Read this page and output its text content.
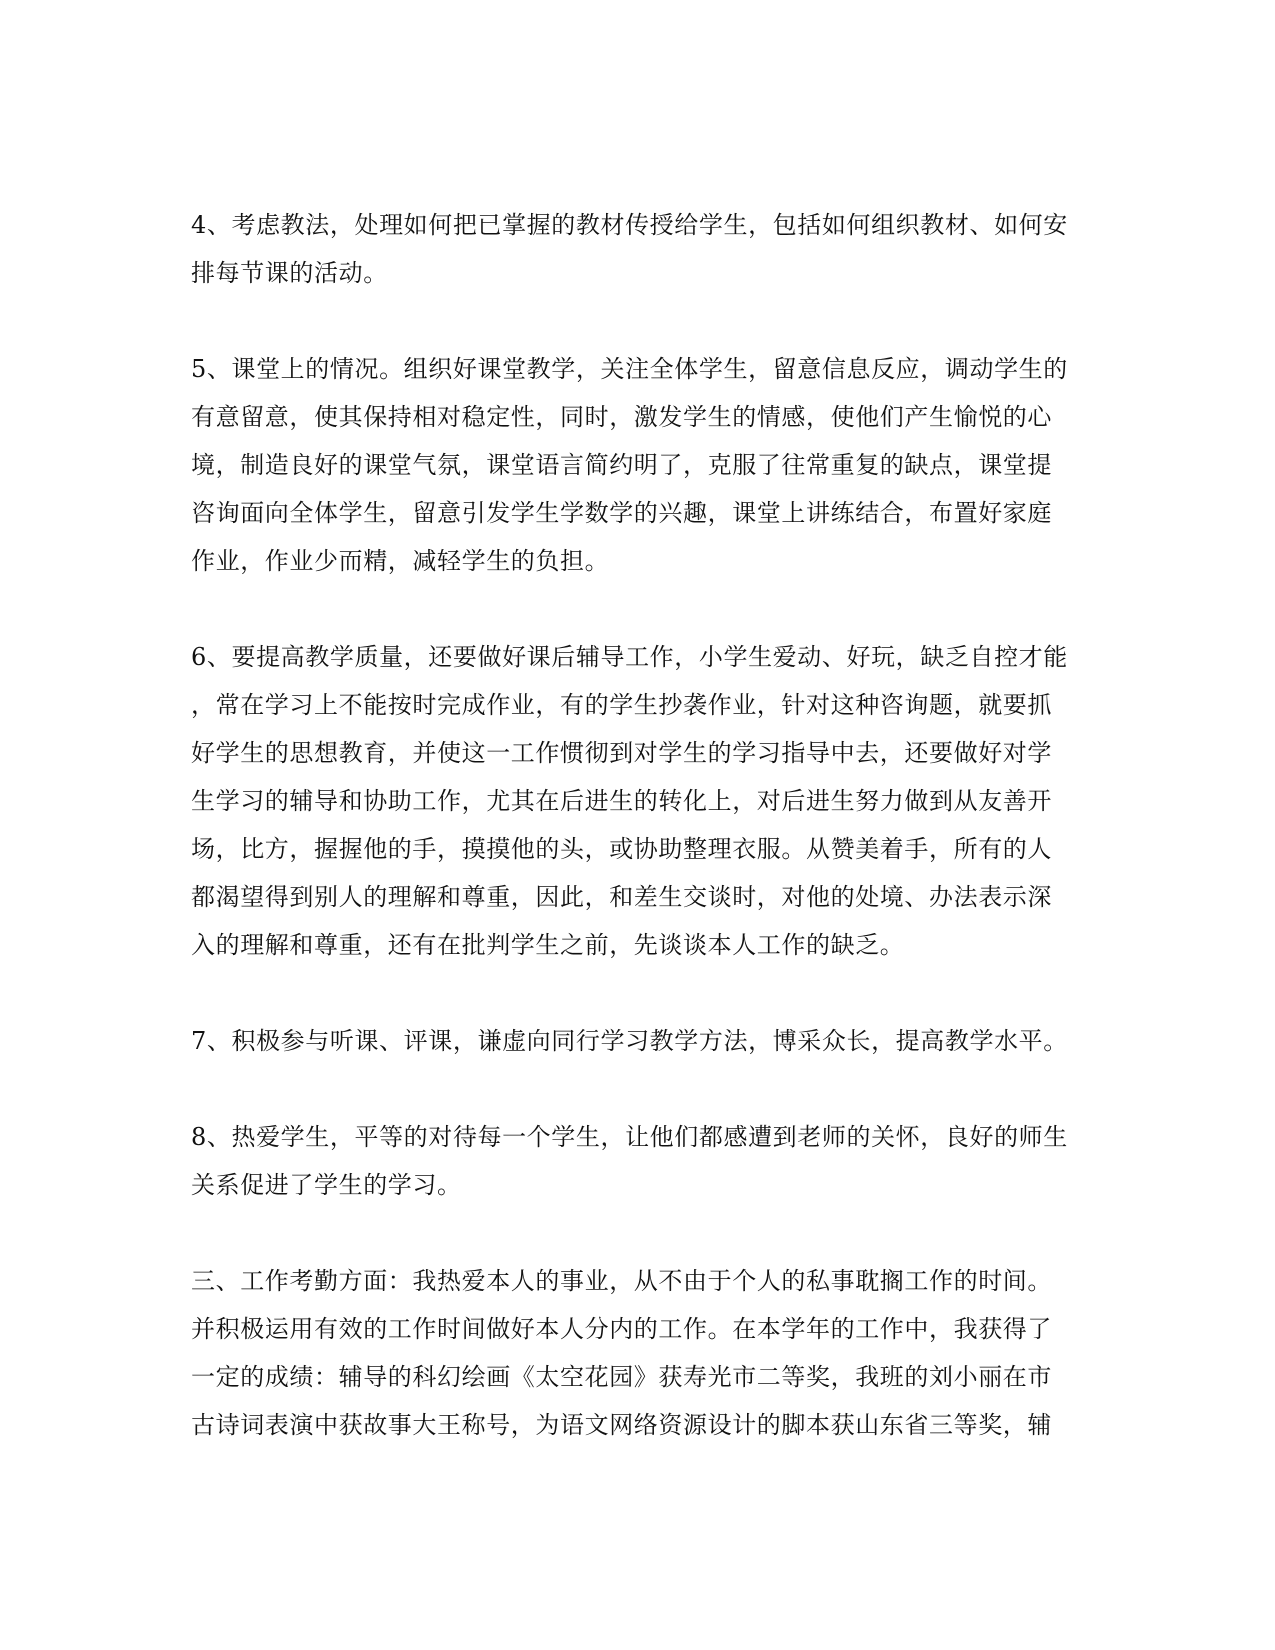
4、考虑教法，处理如何把已掌握的教材传授给学生，包括如何组织教材、如何安
排每节课的活动。
5、课堂上的情况。组织好课堂教学，关注全体学生，留意信息反应，调动学生的
有意留意，使其保持相对稳定性，同时，激发学生的情感，使他们产生愉悦的心
境，制造良好的课堂气氛，课堂语言简约明了，克服了往常重复的缺点，课堂提
咨询面向全体学生，留意引发学生学数学的兴趣，课堂上讲练结合，布置好家庭
作业，作业少而精，减轻学生的负担。
6、要提高教学质量，还要做好课后辅导工作，小学生爱动、好玩，缺乏自控才能
，常在学习上不能按时完成作业，有的学生抄袭作业，针对这种咨询题，就要抓
好学生的思想教育，并使这一工作惯彻到对学生的学习指导中去，还要做好对学
生学习的辅导和协助工作，尤其在后进生的转化上，对后进生努力做到从友善开
场，比方，握握他的手，摸摸他的头，或协助整理衣服。从赞美着手，所有的人
都渴望得到别人的理解和尊重，因此，和差生交谈时，对他的处境、办法表示深
入的理解和尊重，还有在批判学生之前，先谈谈本人工作的缺乏。
7、积极参与听课、评课，谦虚向同行学习教学方法，博采众长，提高教学水平。
8、热爱学生，平等的对待每一个学生，让他们都感遭到老师的关怀，良好的师生
关系促进了学生的学习。
三、工作考勤方面：我热爱本人的事业，从不由于个人的私事耽搁工作的时间。
并积极运用有效的工作时间做好本人分内的工作。在本学年的工作中，我获得了
一定的成绩：辅导的科幻绘画《太空花园》获寿光市二等奖，我班的刘小丽在市
古诗词表演中获故事大王称号，为语文网络资源设计的脚本获山东省三等奖，辅
